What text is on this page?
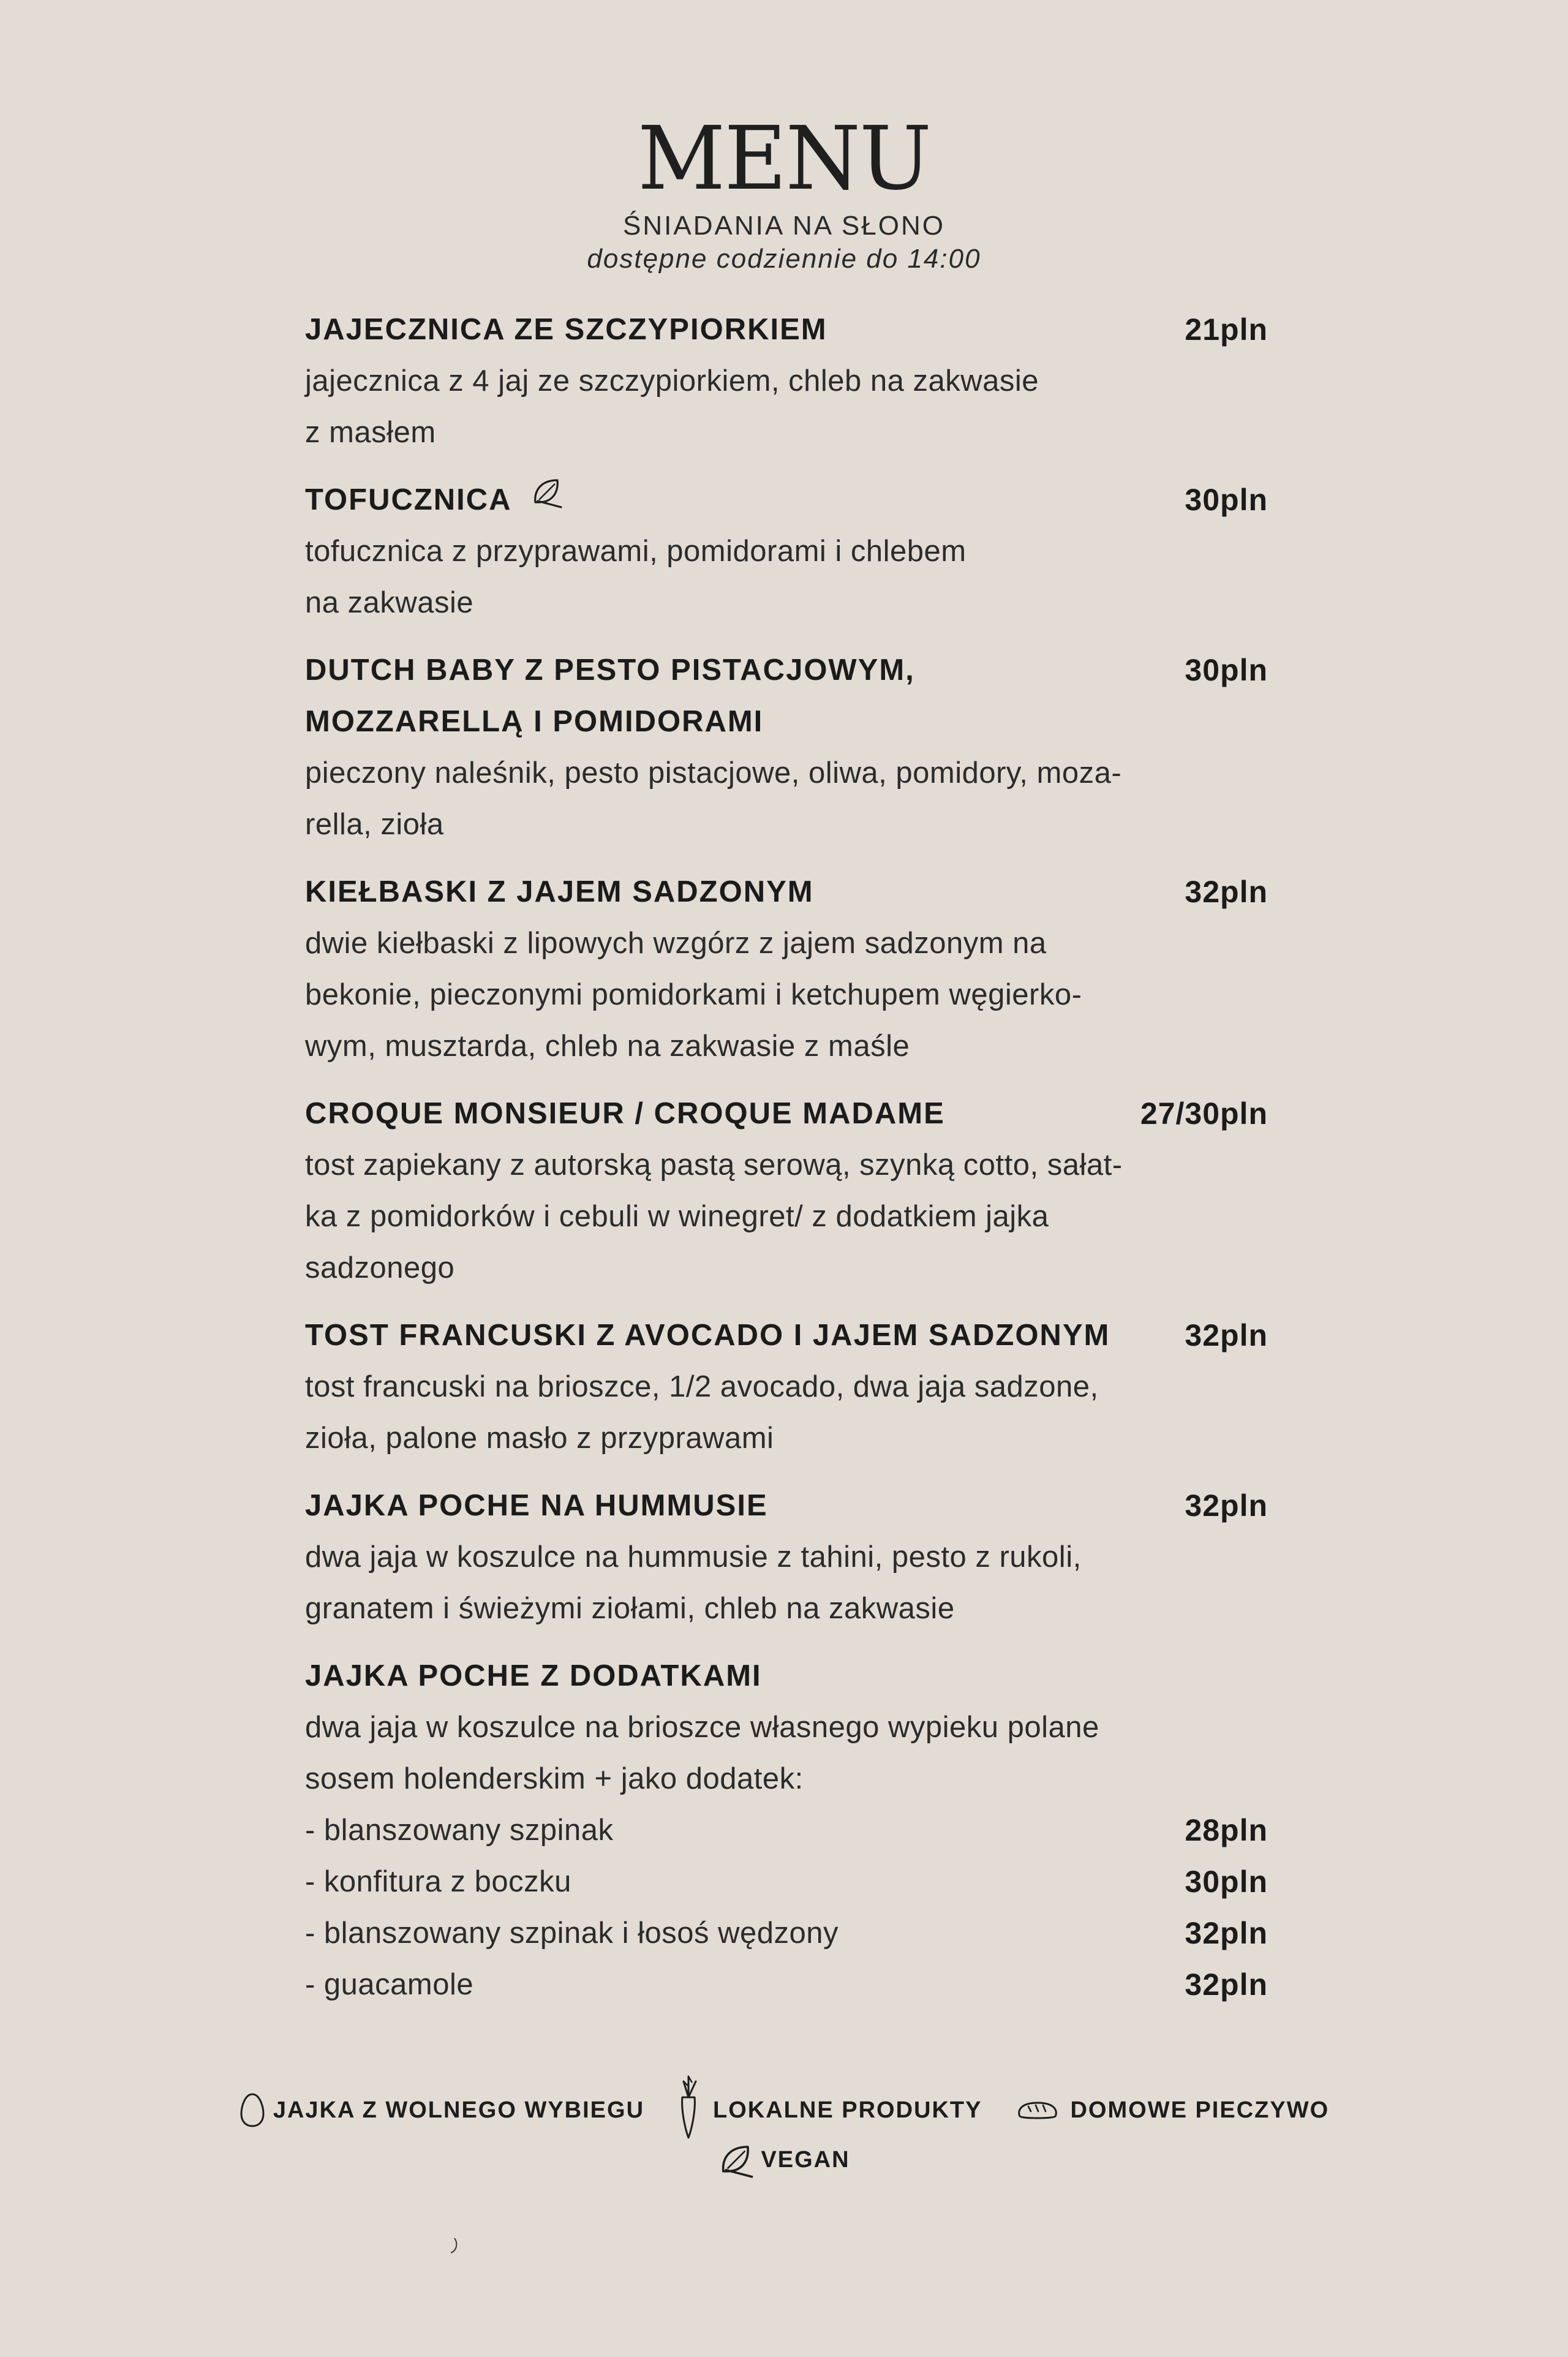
MENU
ŚNIADANIA NA SŁONO
dostępne codziennie do 14:00
JAJECZNICA ZE SZCZYPIORKIEM	21pln
jajecznica z 4 jaj ze szczypiorkiem, chleb na zakwasie
z masłem
TOFUCZNICA	30pln
tofucznica z przyprawami, pomidorami i chlebem
na zakwasie
DUTCH BABY Z PESTO PISTACJOWYM,	30pln
MOZZARELLĄ I POMIDORAMI
pieczony naleśnik, pesto pistacjowe, oliwa, pomidory, moza-
rella, zioła
KIEŁBASKI Z JAJEM SADZONYM	32pln
dwie kiełbaski z lipowych wzgórz z jajem sadzonym na
bekonie, pieczonymi pomidorkami i ketchupem węgierko-
wym, musztarda, chleb na zakwasie z maśle
CROQUE MONSIEUR / CROQUE MADAME	27/30pln
tost zapiekany z autorską pastą serową, szynką cotto, sałat-
ka z pomidorków i cebuli w winegret/ z dodatkiem jajka
sadzonego
TOST FRANCUSKI Z AVOCADO I JAJEM SADZONYM 32pln
tost francuski na brioszce, 1/2 avocado, dwa jaja sadzone,
zioła, palone masło z przyprawami
JAJKA POCHE NA HUMMUSIE	32pln
dwa jaja w koszulce na hummusie z tahini, pesto z rukoli,
granatem i świeżymi ziołami, chleb na zakwasie
JAJKA POCHE Z DODATKAMI
dwa jaja w koszulce na brioszce własnego wypieku polane
sosem holenderskim + jako dodatek:
- blanszowany szpinak	28pln
- konfitura z boczku	30pln
- blanszowany szpinak i łosoś wędzony	32pln
- guacamole	32pln
JAJKA Z WOLNEGO WYBIEGU	LOKALNE PRODUKTY	DOMOWE PIECZYWO
VEGAN
